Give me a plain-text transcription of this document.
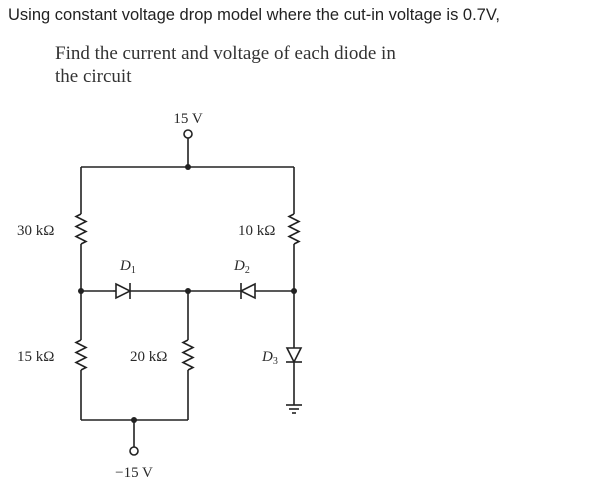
Using constant voltage drop model where the cut-in voltage is 0.7V,
Find the current and voltage of each diode in
the circuit
15 V
30 kΩ	10 kΩ
$D_1$	$D_2$
15 kΩ	20 kΩ	$D_3$
−15 V
